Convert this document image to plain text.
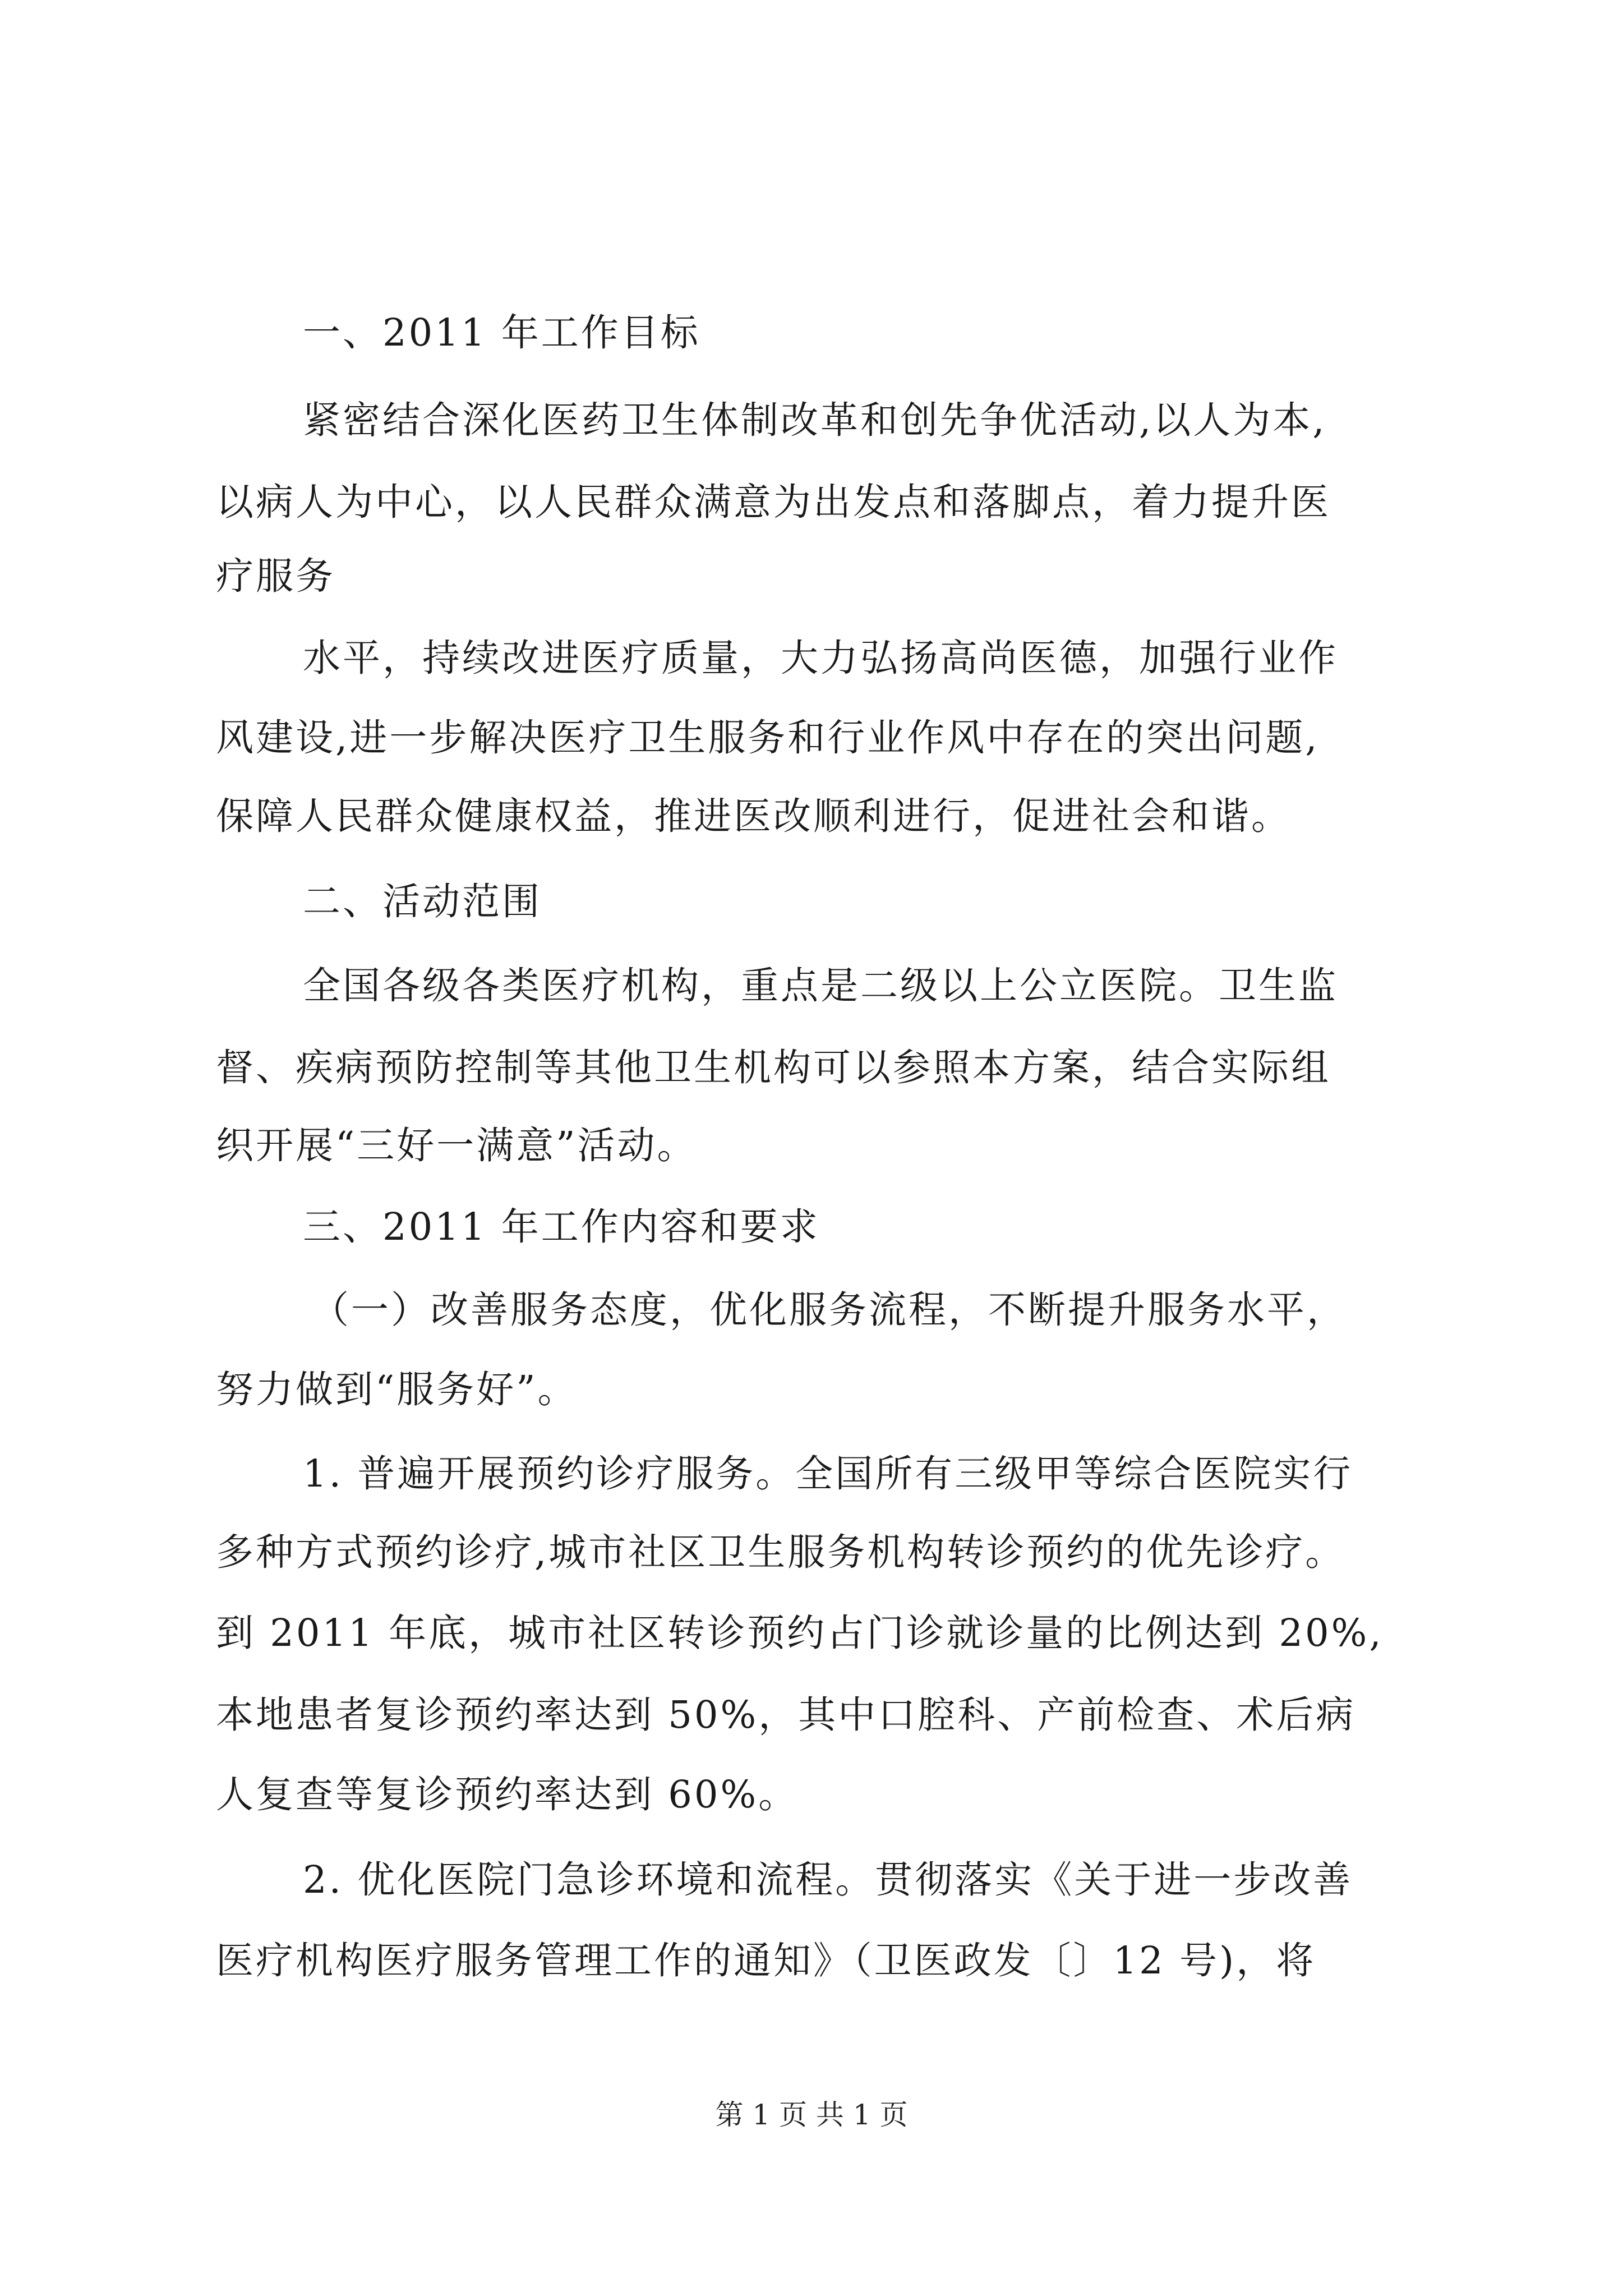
一、2011 年工作目标
紧密结合深化医药卫生体制改革和创先争优活动,以人为本,
以病人为中心，以人民群众满意为出发点和落脚点，着力提升医
疗服务
水平，持续改进医疗质量，大力弘扬高尚医德，加强行业作
风建设,进一步解决医疗卫生服务和行业作风中存在的突出问题,
保障人民群众健康权益，推进医改顺利进行，促进社会和谐。
二、活动范围
全国各级各类医疗机构，重点是二级以上公立医院。卫生监
督、疾病预防控制等其他卫生机构可以参照本方案，结合实际组
织开展“三好一满意”活动。
三、2011 年工作内容和要求
（一）改善服务态度，优化服务流程，不断提升服务水平，
努力做到“服务好”。
1. 普遍开展预约诊疗服务。全国所有三级甲等综合医院实行
多种方式预约诊疗,城市社区卫生服务机构转诊预约的优先诊疗。
到 2011 年底，城市社区转诊预约占门诊就诊量的比例达到 20%,
本地患者复诊预约率达到 50%，其中口腔科、产前检查、术后病
人复查等复诊预约率达到 60%。
2. 优化医院门急诊环境和流程。贯彻落实《关于进一步改善
医疗机构医疗服务管理工作的通知》（卫医政发〔〕12 号)，将
第 1 页 共 1 页
